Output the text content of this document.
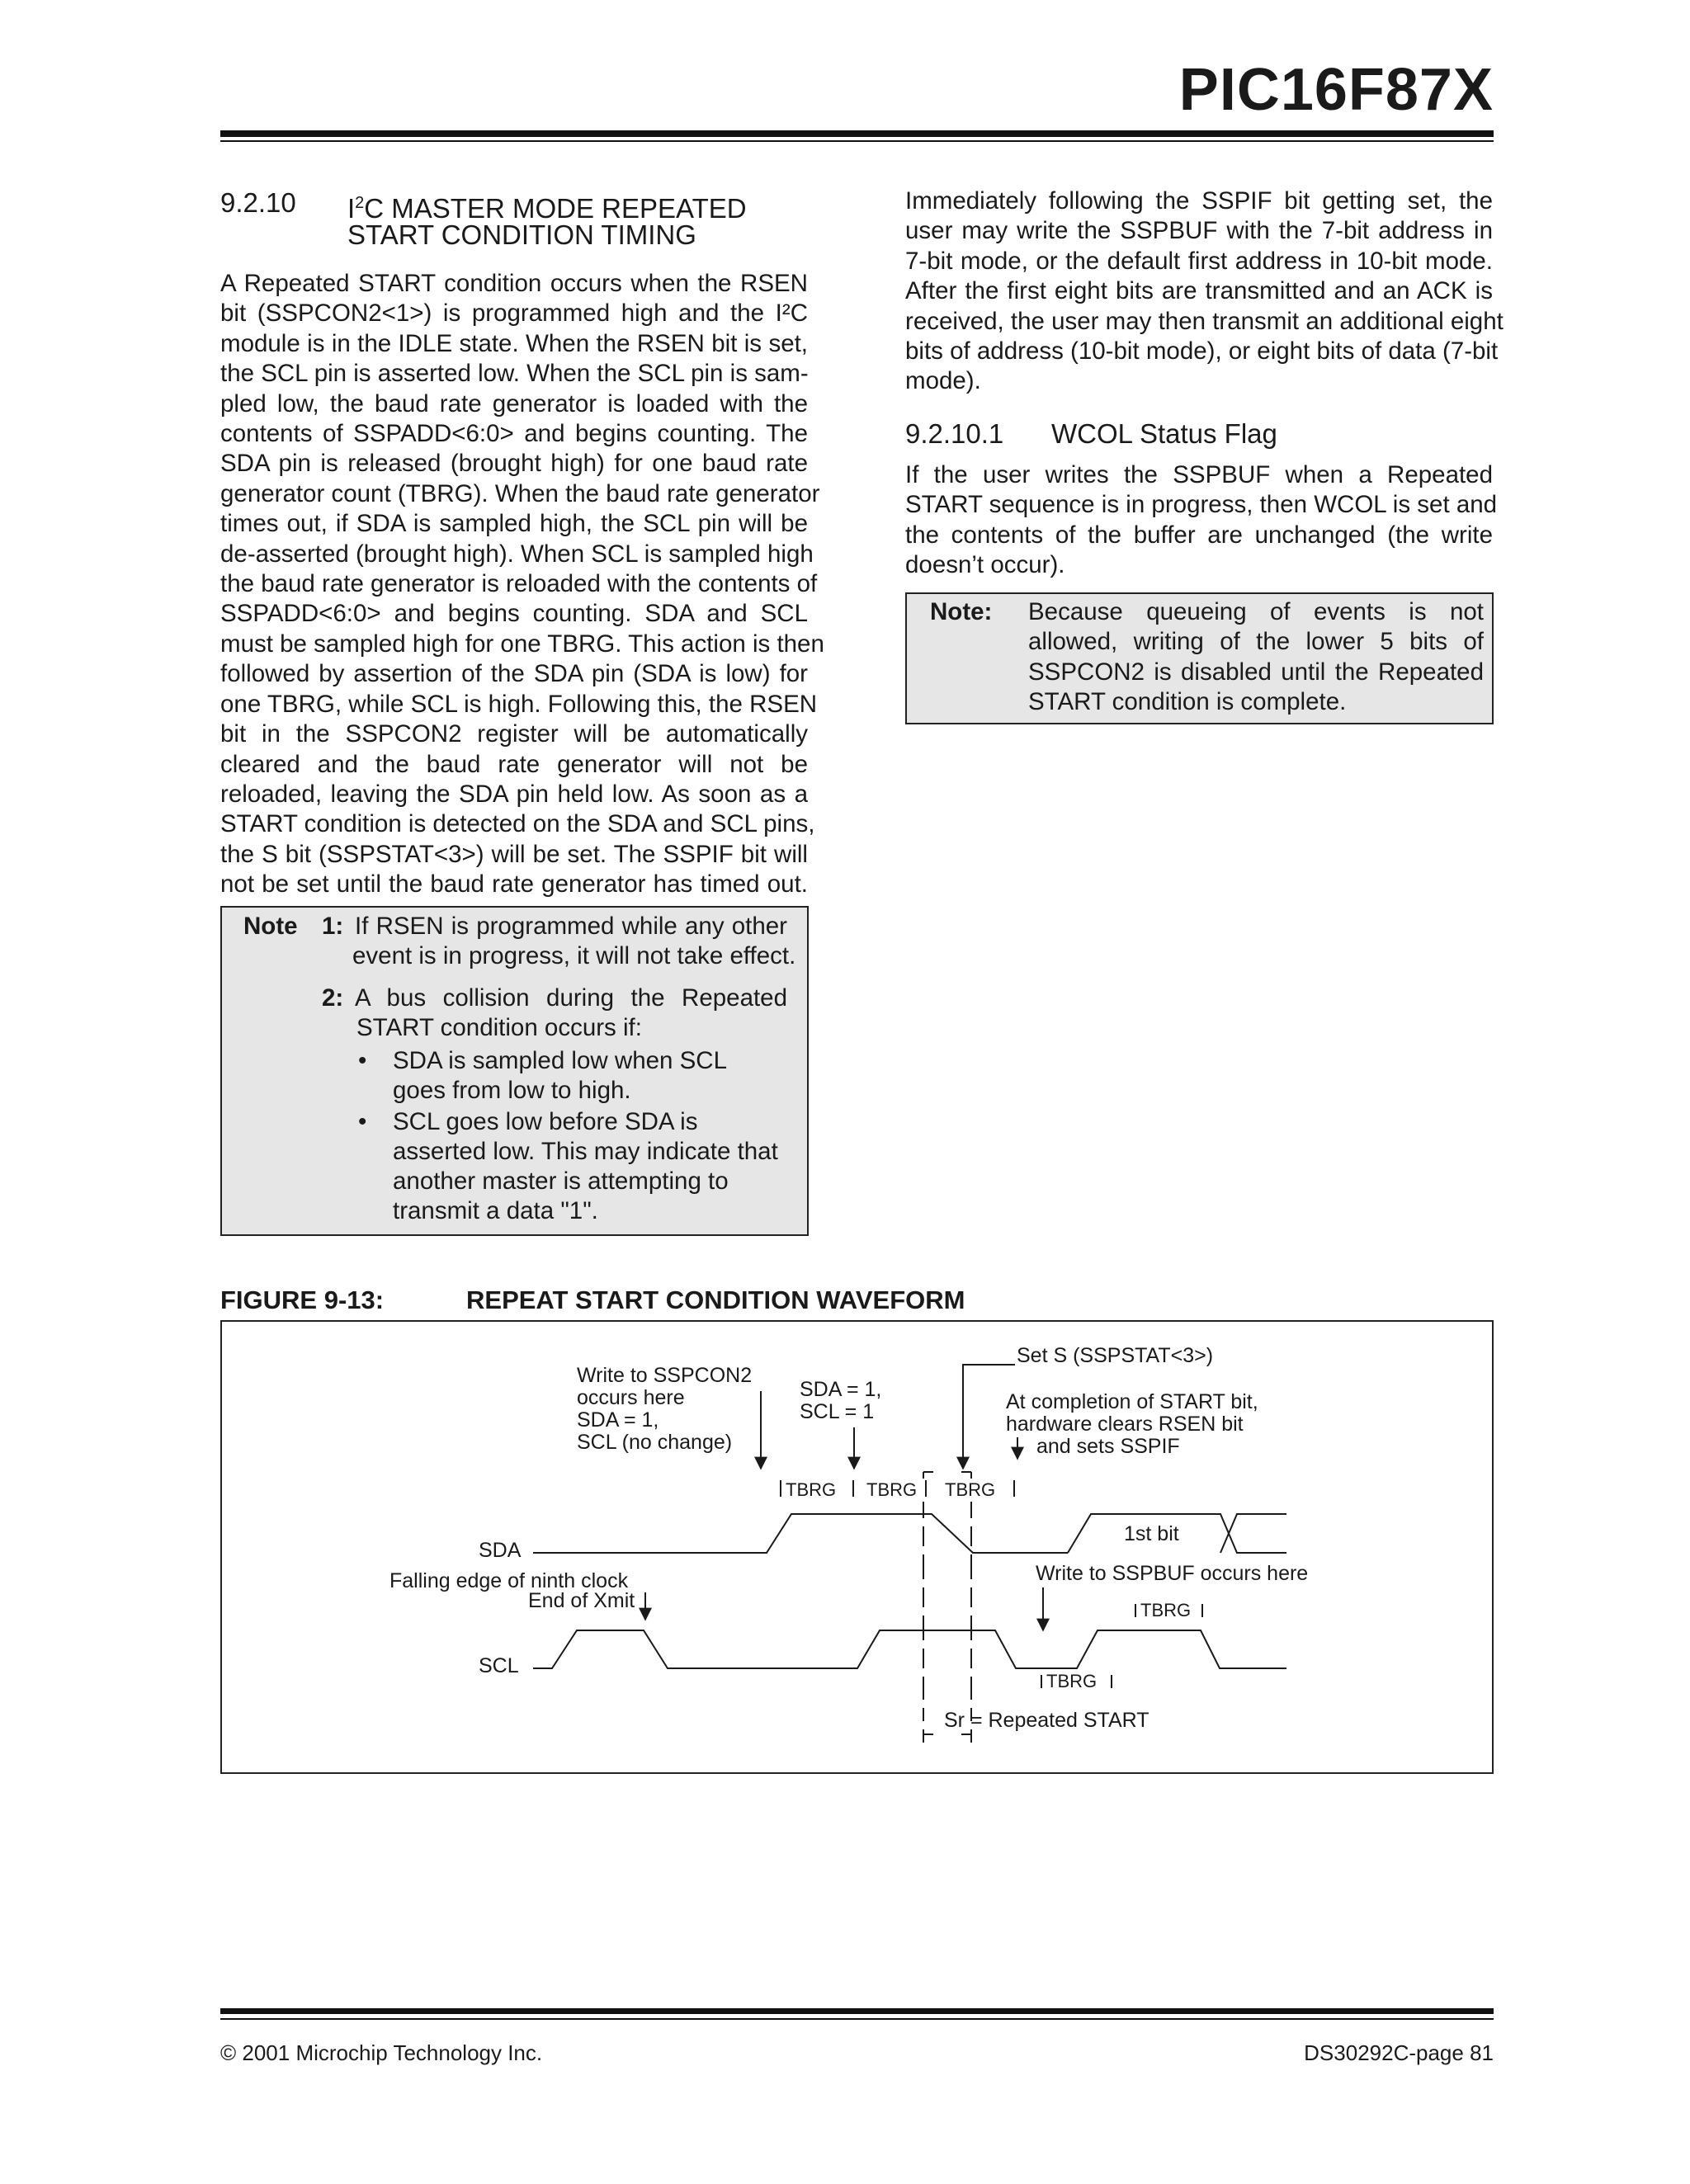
PIC16F87X
9.2.10 $I^2C$ MASTER MODE REPEATED
START CONDITION TIMING
A Repeated START condition occurs when the RSEN
bit (SSPCON2<1>) is programmed high and the I²C
module is in the IDLE state. When the RSEN bit is set,
the SCL pin is asserted low. When the SCL pin is sam-
pled low, the baud rate generator is loaded with the
contents of SSPADD<6:0> and begins counting. The
SDA pin is released (brought high) for one baud rate
generator count (TBRG). When the baud rate generator
times out, if SDA is sampled high, the SCL pin will be
de-asserted (brought high). When SCL is sampled high
the baud rate generator is reloaded with the contents of
SSPADD<6:0> and begins counting. SDA and SCL
must be sampled high for one TBRG. This action is then
followed by assertion of the SDA pin (SDA is low) for
one TBRG, while SCL is high. Following this, the RSEN
bit in the SSPCON2 register will be automatically
cleared and the baud rate generator will not be
reloaded, leaving the SDA pin held low. As soon as a
START condition is detected on the SDA and SCL pins,
the S bit (SSPSTAT<3>) will be set. The SSPIF bit will
not be set until the baud rate generator has timed out.
Note 1: If RSEN is programmed while any other
event is in progress, it will not take effect.
2: A bus collision during the Repeated
START condition occurs if:
• SDA is sampled low when SCL
goes from low to high.
• SCL goes low before SDA is
asserted low. This may indicate that
another master is attempting to
transmit a data "1".
Immediately following the SSPIF bit getting set, the
user may write the SSPBUF with the 7-bit address in
7-bit mode, or the default first address in 10-bit mode.
After the first eight bits are transmitted and an ACK is
received, the user may then transmit an additional eight
bits of address (10-bit mode), or eight bits of data (7-bit
mode).
9.2.10.1 WCOL Status Flag
If the user writes the SSPBUF when a Repeated
START sequence is in progress, then WCOL is set and
the contents of the buffer are unchanged (the write
doesn’t occur).
Note: Because queueing of events is not
allowed, writing of the lower 5 bits of
SSPCON2 is disabled until the Repeated
START condition is complete.
FIGURE 9-13:	REPEAT START CONDITION WAVEFORM
Write to SSPCON2 occurs here SDA = 1, SCL (no change)
SDA = 1, SCL = 1
Set S (SSPSTAT<3>)
At completion of START bit, hardware clears RSEN bit and sets SSPIF
TBRG TBRG TBRG
SDA
1st bit
Falling edge of ninth clock
End of Xmit
Write to SSPBUF occurs here
SCL
TBRG
TBRG
Sr = Repeated START
© 2001 Microchip Technology Inc.	DS30292C-page 81
